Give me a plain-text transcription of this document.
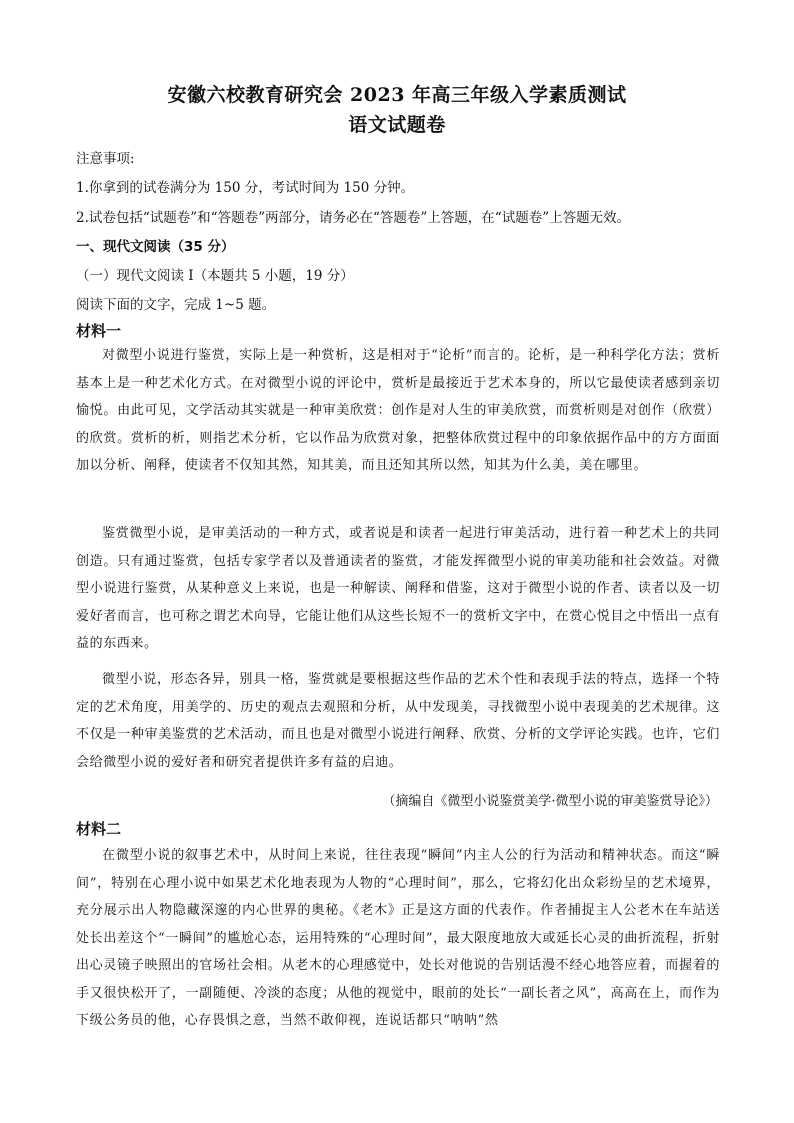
安徽六校教育研究会 2023 年高三年级入学素质测试
语文试题卷
注意事项:
1.你拿到的试卷满分为 150 分，考试时间为 150 分钟。
2.试卷包括“试题卷”和“答题卷”两部分，请务必在“答题卷”上答题，在“试题卷”上答题无效。
一、现代文阅读（35 分）
（一）现代文阅读 I（本题共 5 小题，19 分）
阅读下面的文字，完成 1~5 题。
材料一
对微型小说进行鉴赏，实际上是一种赏析，这是相对于“论析”而言的。论析，是一种科学化方法；赏析基本上是一种艺术化方式。在对微型小说的评论中，赏析是最接近于艺术本身的，所以它最使读者感到亲切愉悦。由此可见，文学活动其实就是一种审美欣赏：创作是对人生的审美欣赏，而赏析则是对创作（欣赏）的欣赏。赏析的析，则指艺术分析，它以作品为欣赏对象，把整体欣赏过程中的印象依据作品中的方方面面加以分析、阐释，使读者不仅知其然，知其美，而且还知其所以然，知其为什么美，美在哪里。
鉴赏微型小说，是审美活动的一种方式，或者说是和读者一起进行审美活动，进行着一种艺术上的共同创造。只有通过鉴赏，包括专家学者以及普通读者的鉴赏，才能发挥微型小说的审美功能和社会效益。对微型小说进行鉴赏，从某种意义上来说，也是一种解读、阐释和借鉴，这对于微型小说的作者、读者以及一切爱好者而言，也可称之谓艺术向导，它能让他们从这些长短不一的赏析文字中，在赏心悦目之中悟出一点有益的东西来。
微型小说，形态各异，别具一格，鉴赏就是要根据这些作品的艺术个性和表现手法的特点，选择一个特定的艺术角度，用美学的、历史的观点去观照和分析，从中发现美，寻找微型小说中表现美的艺术规律。这不仅是一种审美鉴赏的艺术活动，而且也是对微型小说进行阐释、欣赏、分析的文学评论实践。也许，它们会给微型小说的爱好者和研究者提供许多有益的启迪。
（摘编自《微型小说鉴赏美学·微型小说的审美鉴赏导论》）
材料二
在微型小说的叙事艺术中，从时间上来说，往往表现“瞬间”内主人公的行为活动和精神状态。而这“瞬间”，特别在心理小说中如果艺术化地表现为人物的“心理时间”，那么，它将幻化出众彩纷呈的艺术境界，充分展示出人物隐藏深邃的内心世界的奥秘。《老木》正是这方面的代表作。作者捕捉主人公老木在车站送处长出差这个“一瞬间”的尴尬心态，运用特殊的“心理时间”，最大限度地放大或延长心灵的曲折流程，折射出心灵镜子映照出的官场社会相。从老木的心理感觉中，处长对他说的告别话漫不经心地答应着，而握着的手又很快松开了，一副随便、冷淡的态度；从他的视觉中，眼前的处长“一副长者之风”，高高在上，而作为下级公务员的他，心存畏惧之意，当然不敢仰视，连说话都只“呐呐”然
